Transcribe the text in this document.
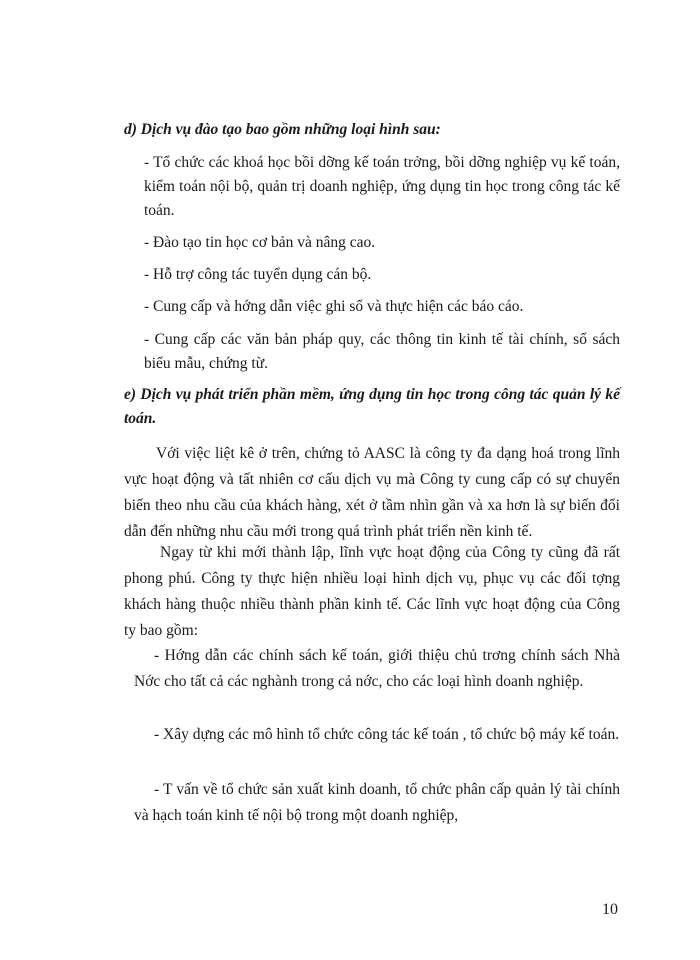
d) Dịch vụ đào tạo bao gồm những loại hình sau:

- Tổ chức các khoá học bồi dỡng kế toán trởng, bồi dỡng nghiệp vụ kế toán, kiểm toán nội bộ, quản trị doanh nghiệp, ứng dụng tin học trong công tác kế toán.

- Đào tạo tin học cơ bản và nâng cao.

- Hỗ trợ công tác tuyển dụng cán bộ.

- Cung cấp và hớng dẫn việc ghi sổ và thực hiện các báo cáo.

- Cung cấp các văn bản pháp quy, các thông tin kinh tế tài chính, sổ sách biểu mẫu, chứng từ.

e) Dịch vụ phát triển phần mềm, ứng dụng tin học trong công tác quản lý kế toán.

Với việc liệt kê ở trên, chứng tỏ AASC là công ty đa dạng hoá trong lĩnh vực hoạt động và tất nhiên cơ cấu dịch vụ mà Công ty cung cấp có sự chuyển biến theo nhu cầu của khách hàng, xét ở tầm nhìn gần và xa hơn là sự biến đổi dẫn đến những nhu cầu mới trong quá trình phát triển nền kinh tế.

Ngay từ khi mới thành lập, lĩnh vực hoạt động của Công ty cũng đã rất phong phú. Công ty thực hiện nhiều loại hình dịch vụ, phục vụ các đối tợng khách hàng thuộc nhiều thành phần kinh tế. Các lĩnh vực hoạt động của Công ty bao gồm:

- Hớng dẫn các chính sách kế toán, giới thiệu chủ trơng chính sách Nhà Nớc cho tất cả các nghành trong cả nớc, cho các loại hình doanh nghiệp.

- Xây dựng các mô hình tổ chức công tác kế toán , tổ chức bộ máy kế toán.

- T vấn về tổ chức sản xuất kinh doanh, tổ chức phân cấp quản lý tài chính và hạch toán kinh tế nội bộ trong một doanh nghiệp,

10
